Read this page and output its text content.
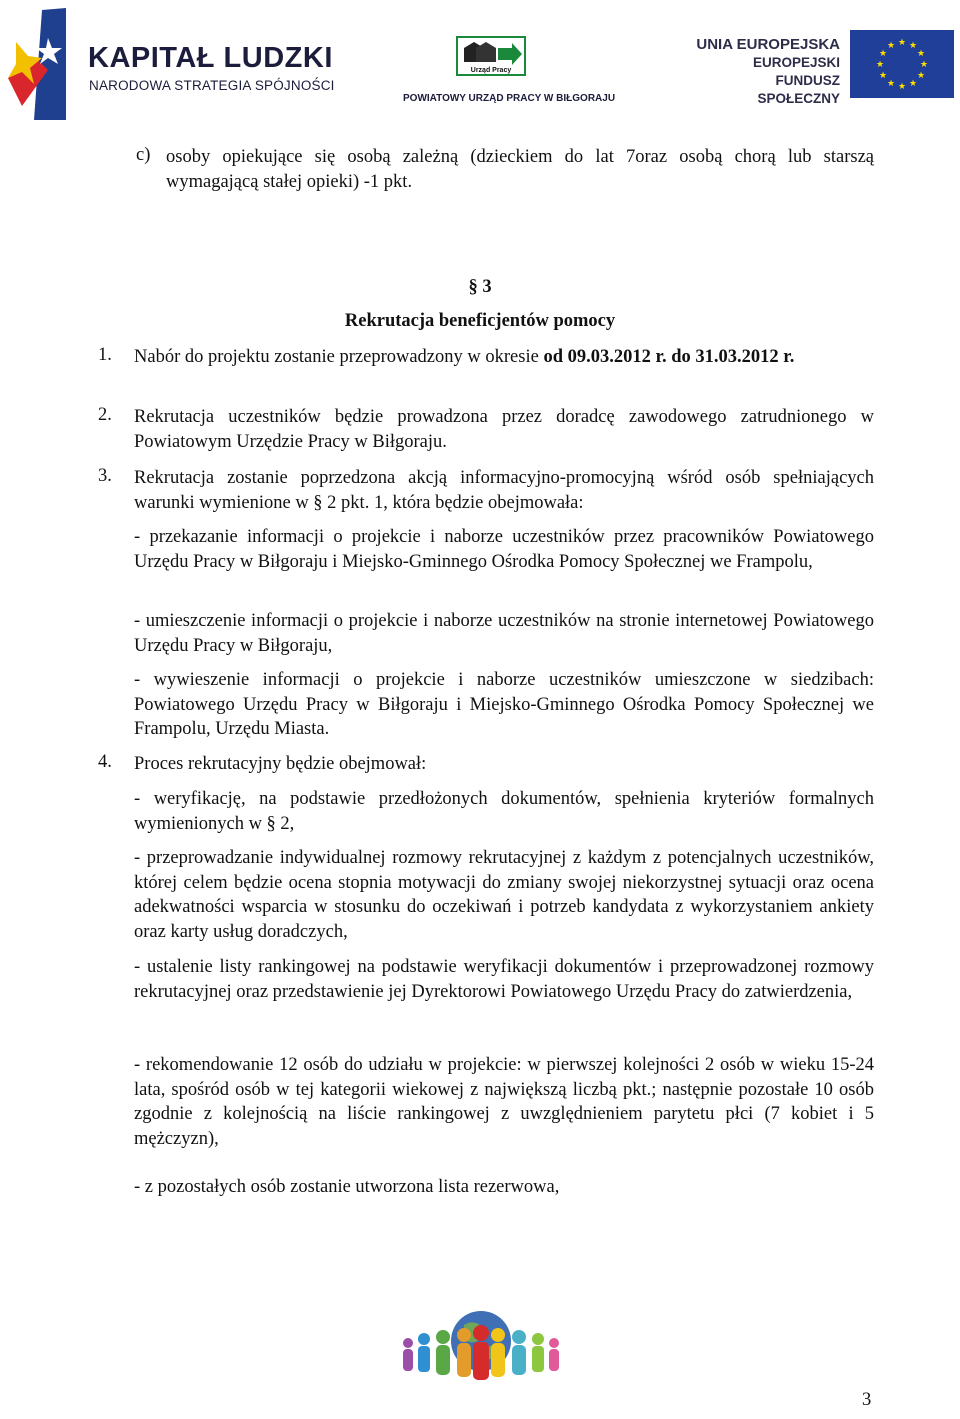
KAPITAŁ LUDZKI
NARODOWA STRATEGIA SPÓJNOŚCI
Urząd Pracy
POWIATOWY URZĄD PRACY W BIŁGORAJU
UNIA EUROPEJSKA
EUROPEJSKI
FUNDUSZ SPOŁECZNY
★ ★
★
★
★
★
★
★
★
★
★
★
c) osoby opiekujące się osobą zależną (dzieckiem do lat 7oraz osobą chorą lub starszą wymagającą stałej opieki) -1 pkt.
§ 3
Rekrutacja beneficjentów pomocy
1. Nabór do projektu zostanie przeprowadzony w okresie od 09.03.2012 r. do 31.03.2012 r.
2. Rekrutacja uczestników będzie prowadzona przez doradcę zawodowego zatrudnionego w Powiatowym Urzędzie Pracy w Biłgoraju.
3. Rekrutacja zostanie poprzedzona akcją informacyjno-promocyjną wśród osób spełniających warunki wymienione w § 2 pkt. 1, która będzie obejmowała:
- przekazanie informacji o projekcie i naborze uczestników przez pracowników Powiatowego Urzędu Pracy w Biłgoraju i Miejsko-Gminnego Ośrodka Pomocy Społecznej we Frampolu,
- umieszczenie informacji o projekcie i naborze uczestników na stronie internetowej Powiatowego Urzędu Pracy w Biłgoraju,
- wywieszenie informacji o projekcie i naborze uczestników umieszczone w siedzibach: Powiatowego Urzędu Pracy w Biłgoraju i Miejsko-Gminnego Ośrodka Pomocy Społecznej we Frampolu, Urzędu Miasta.
4. Proces rekrutacyjny będzie obejmował:
- weryfikację, na podstawie przedłożonych dokumentów, spełnienia kryteriów formalnych wymienionych w § 2,
- przeprowadzanie indywidualnej rozmowy rekrutacyjnej z każdym z potencjalnych uczestników, której celem będzie ocena stopnia motywacji do zmiany swojej niekorzystnej sytuacji oraz ocena adekwatności wsparcia w stosunku do oczekiwań i potrzeb kandydata z wykorzystaniem ankiety oraz karty usług doradczych,
- ustalenie listy rankingowej na podstawie weryfikacji dokumentów i przeprowadzonej rozmowy rekrutacyjnej oraz przedstawienie jej Dyrektorowi Powiatowego Urzędu Pracy do zatwierdzenia,
- rekomendowanie 12 osób do udziału w projekcie: w pierwszej kolejności 2 osób w wieku 15-24 lata, spośród osób w tej kategorii wiekowej z największą liczbą pkt.; następnie pozostałe 10 osób zgodnie z kolejnością na liście rankingowej z uwzględnieniem parytetu płci (7 kobiet i 5 mężczyzn),
- z pozostałych osób zostanie utworzona lista rezerwowa,
3
